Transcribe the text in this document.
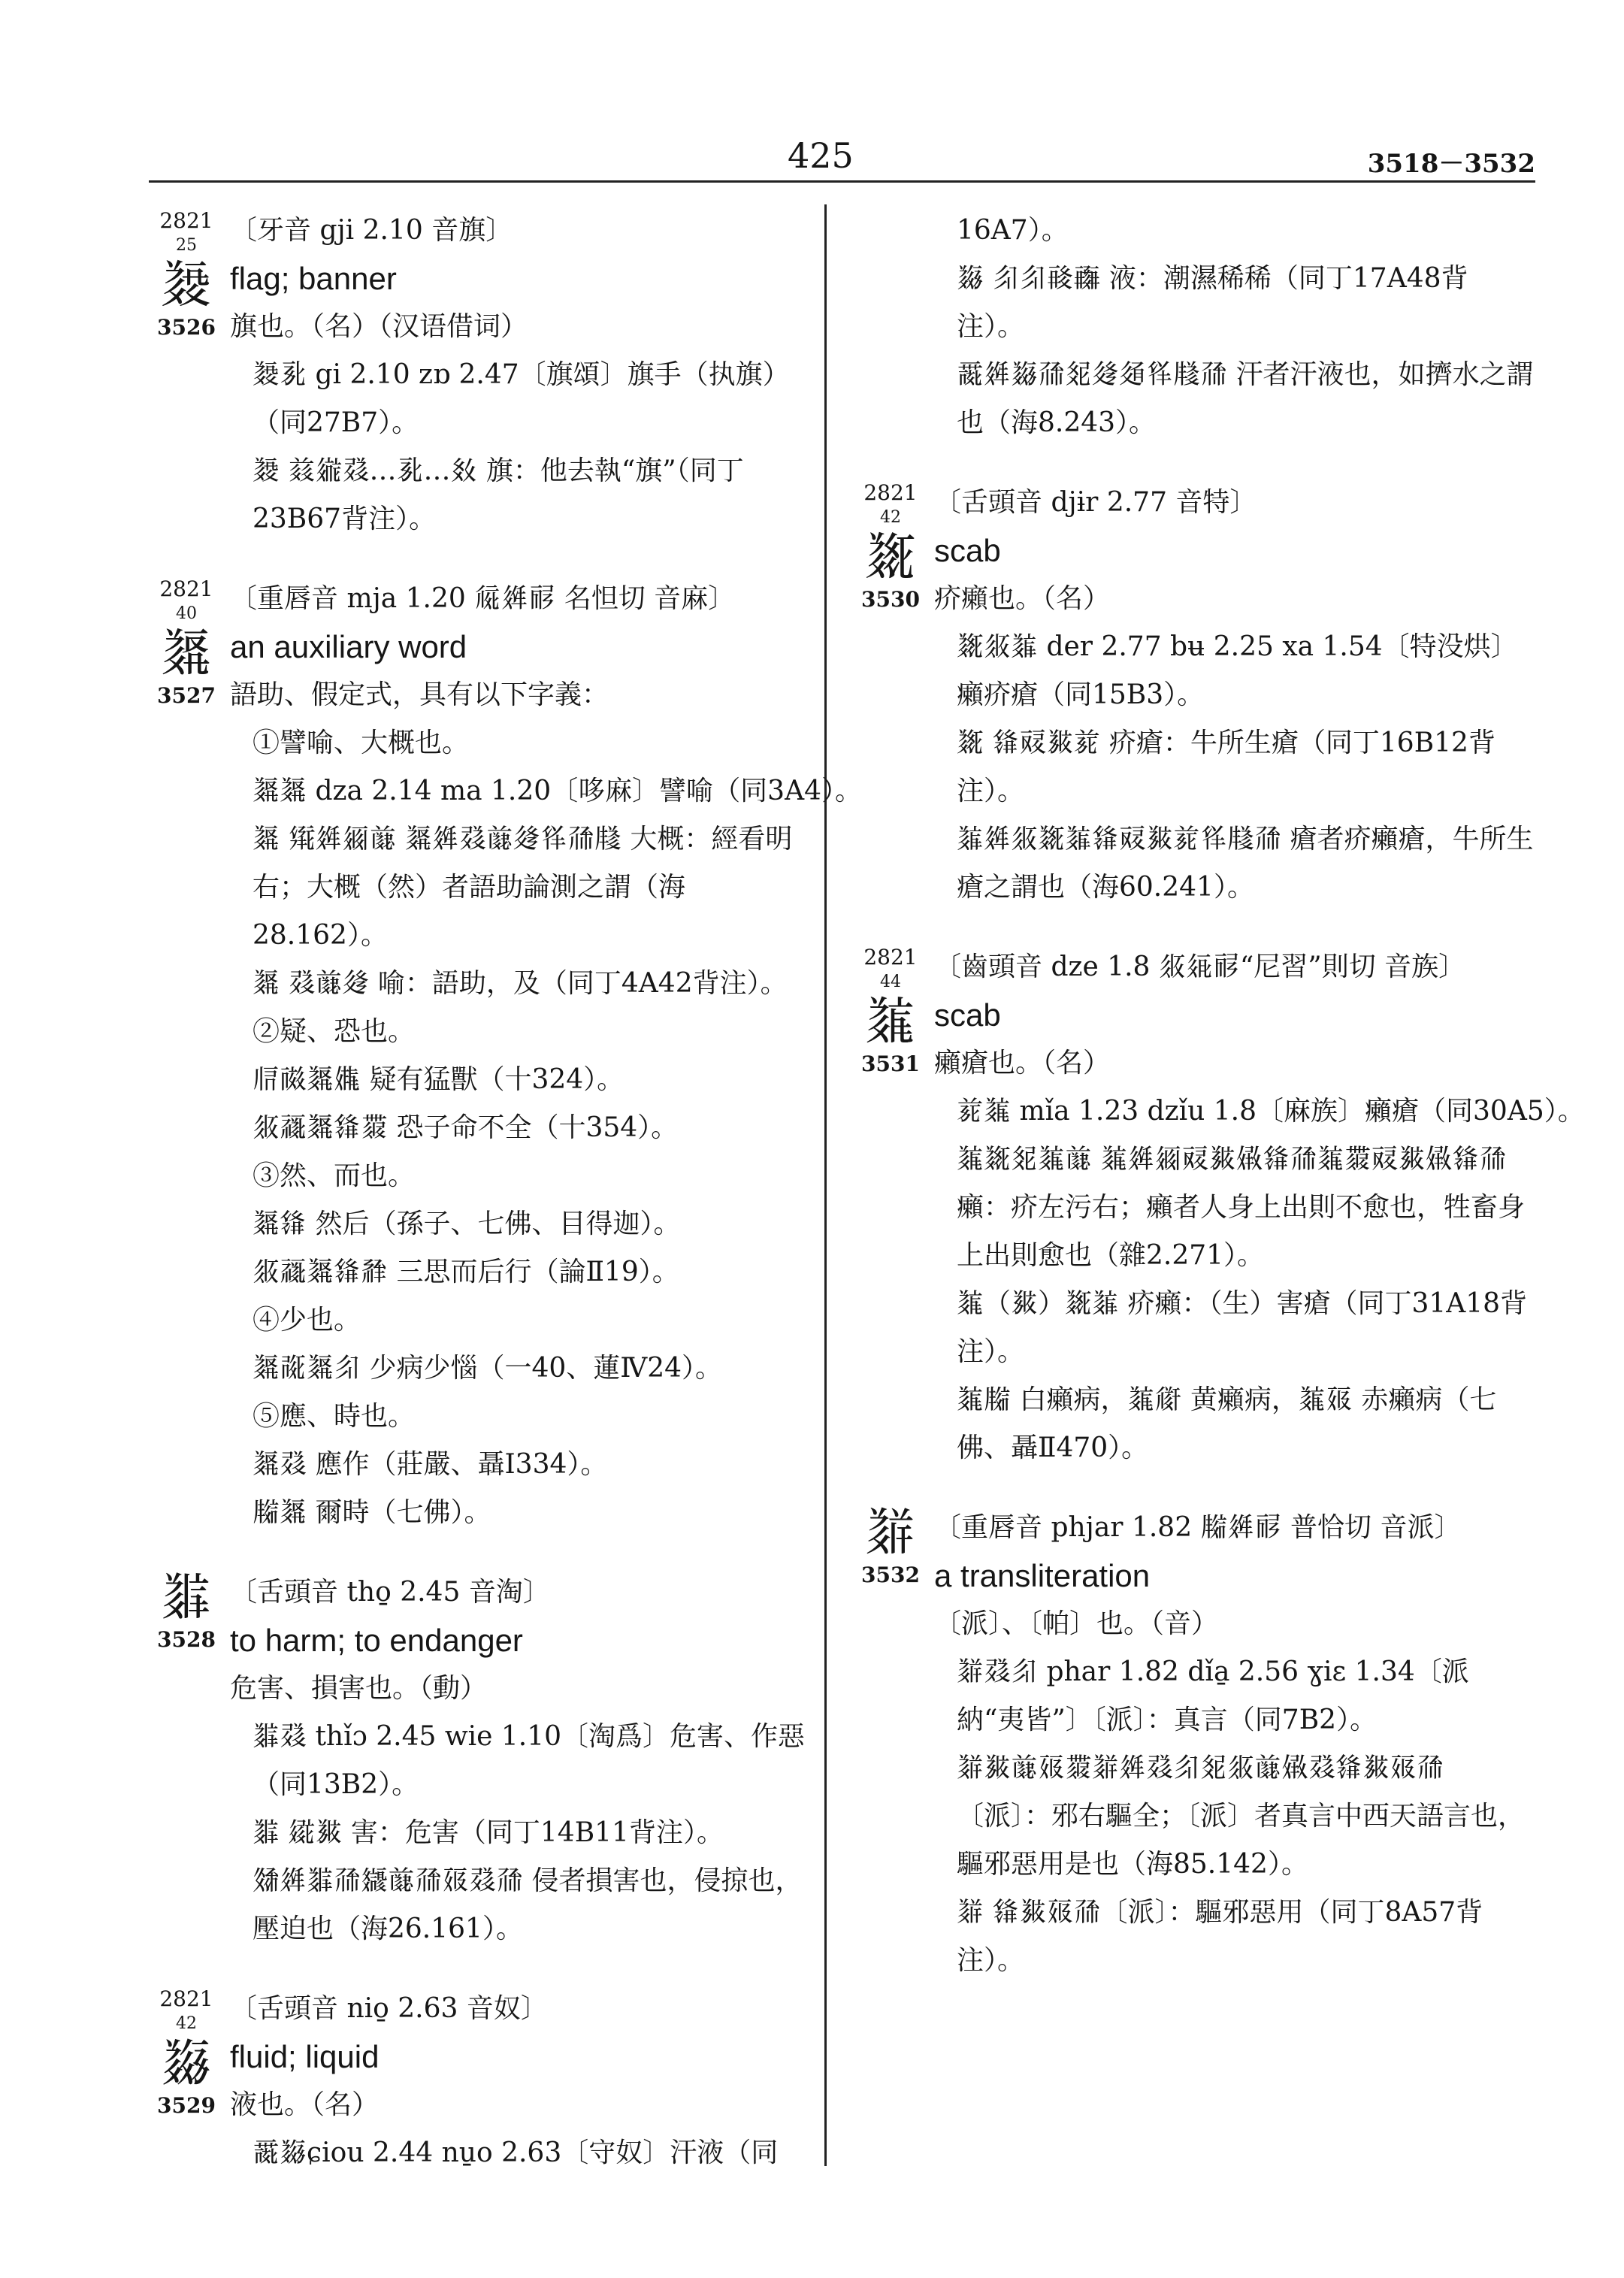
425	3518－3532
2821
25
𘐀
3526
〔牙音 gji 2.10 音旗〕
flag; banner
旗也。（名）（汉语借词）
𘐀𗎘 gi 2.10 zɒ 2.47〔旗頌〕旗手（执旗）（同27B7）。
𘐀 𗑠𗨁𘅇…𗎘…𗾈 旗：他去執“旗”（同丁23B67背注）。
2821
40
𘐂
3527
〔重唇音 mja 1.20 𗏁𗤶𗟲 名怛切 音麻〕
an auxiliary word
語助、假定式，具有以下字義：
①譬喻、大概也。
𘐂𘐂 dza 2.14 ma 1.20〔哆麻〕譬喻（同3A4）。
𘐂 𗋕𗤶𗥃𗓽 𘐂𗤶𘅇𗓽𗫶𗃛𗗙𗹦 大概：經看明右；大概（然）者語助論測之謂（海28.162）。
𘐂 𘅇𗓽𗫶 喻：語助，及（同丁4A42背注）。
②疑、恐也。
𗄭𗎀𘐂𗏴 疑有猛獸（十324）。
𗼇𗹙𘐂𗌭𗷅 恐子命不全（十354）。
③然、而也。
𘐂𗌭 然后（孫子、七佛、目得迦）。
𗼇𗹙𘐂𗌭𗴂 三思而后行（論Ⅱ19）。
④少也。
𘐂𗰞𘐂𗼃 少病少惱（一40、蓮Ⅳ24）。
⑤應、時也。
𘐂𘅇 應作（莊嚴、聶Ⅰ334）。
𗹨𘐂 爾時（七佛）。
𘐃
3528
〔舌頭音 tho̱ 2.45 音淘〕
to harm; to endanger
危害、損害也。（動）
𘐃𘅇 thǐɔ 2.45 wie 1.10〔淘爲〕危害、作惡（同13B2）。
𘐃 𗩱𗯴 害：危害（同丁14B11背注）。
𗽀𗤶𘐃𗗙𗿼𗓽𗗙𗡞𘅇𗗙 侵者損害也，侵掠也，壓迫也（海26.161）。
2821
42
𘐄
3529
〔舌頭音 nio̱ 2.63 音奴〕
fluid; liquid
液也。（名）
𗵘𘐄ɕiou 2.44 nu̱o 2.63〔守奴〕汗液（同
16A7）。
𘐄 𗼃𗼃𗷾𗸓 液：潮濕稀稀（同丁17A48背注）。
𗵘𗤶𘐄𗗙𗾏𗫶𗬀𗃛𗹦𗗙 汗者汗液也，如擠水之謂也（海8.243）。
2821
42
𘐅
3530
〔舌頭音 djɨr 2.77 音特〕
scab
疥癩也。（名）
𘐅𗼇𘐆 der 2.77 bʉ 2.25 xa 1.54〔特没烘〕癩疥瘡（同15B3）。
𘐅 𗌭𗠝𗯴𗐱 疥瘡：牛所生瘡（同丁16B12背注）。
𘐆𗤶𗼇𘐅𘐆𗌭𗠝𗯴𗐱𗃛𗹦𗗙 瘡者疥癩瘡，牛所生瘡之謂也（海60.241）。
2821
44
𘐇
3531
〔齒頭音 dze 1.8 𗼇𗤄𗟲“尼習”則切 音族〕
scab
癩瘡也。（名）
𗐱𘐇 mǐa 1.23 dzǐu 1.8〔麻族〕癩瘡（同30A5）。
𘐇𘐅𗾏𘐇𗓽 𘐇𗤶𗥃𗠝𗯴𗏣𗌭𗗙𘐇𗷅𗠝𗯴𗏣𗌭𗗙 癩：疥左污右；癩者人身上出則不愈也，牲畜身上出則愈也（雜2.271）。
𘐇（𗯴）𘐅𘐆 疥癩：（生）害瘡（同丁31A18背注）。
𘐇𗹨 白癩病，𘐇𗏆 黄癩病，𘐇𗡞 赤癩病（七佛、聶Ⅱ470）。
𘐈
3532
〔重唇音 phjar 1.82 𗹨𗤶𗟲 普恰切 音派〕
a transliteration
〔派〕、〔帕〕也。（音）
𘐈𘅇𗼃 phar 1.82 dǐa̱ 2.56 ɣiɛ 1.34〔派納“夷皆”〕〔派〕：真言（同7B2）。
𘐈𗯴𗓽𗡞𗷅𘐈𗤶𘅇𗼃𗾏𗼇𗓽𗏣𘅇𗌭𗯴𗡞𗗙 〔派〕：邪右驅全；〔派〕者真言中西天語言也，驅邪惡用是也（海85.142）。
𘐈 𗌭𗯴𗡞𗗙〔派〕：驅邪惡用（同丁8A57背注）。
